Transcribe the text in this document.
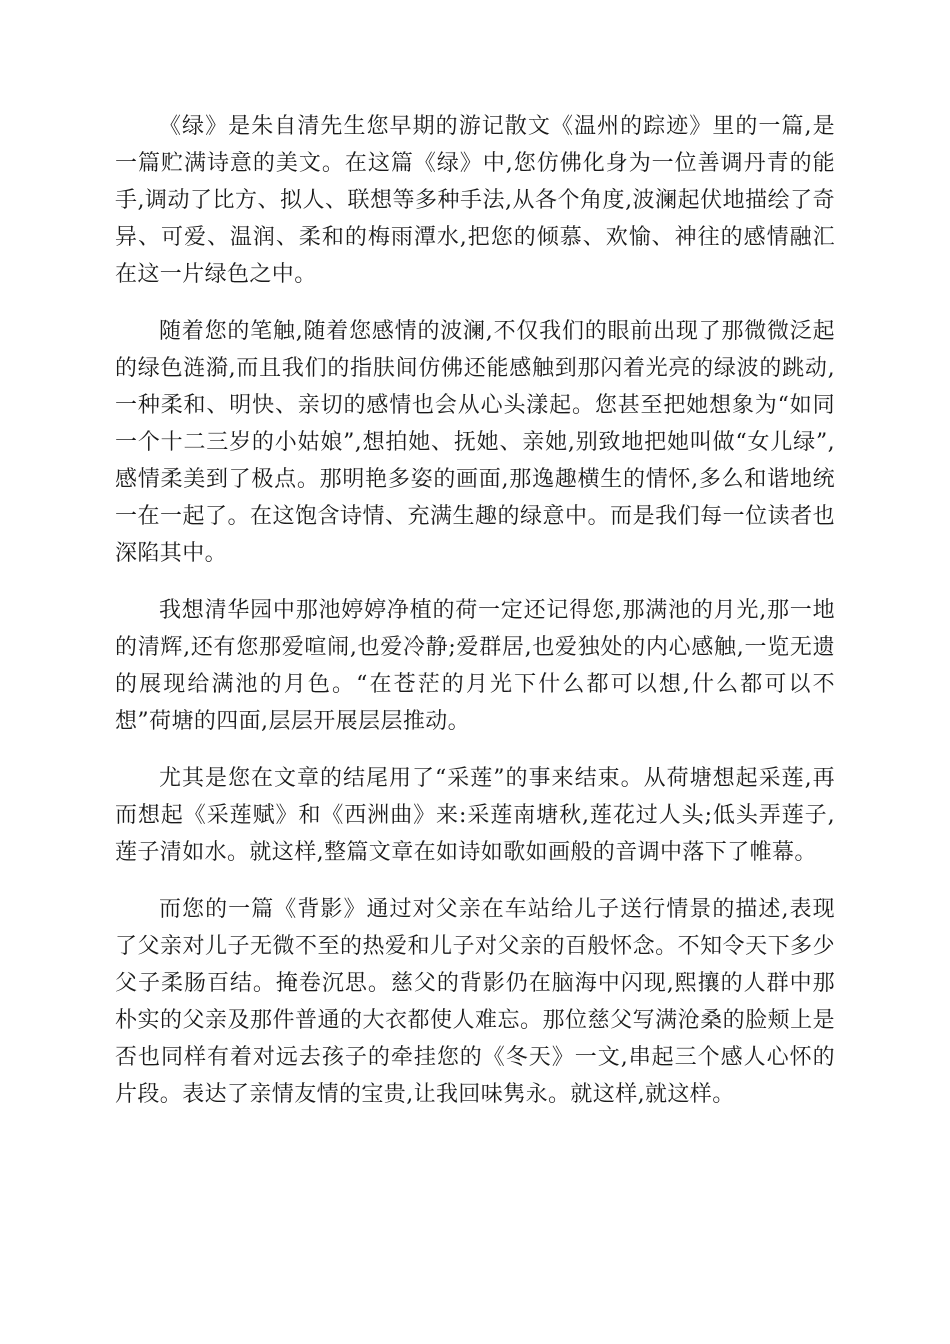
《绿》是朱自清先生您早期的游记散文《温州的踪迹》里的一篇,是一篇贮满诗意的美文。在这篇《绿》中,您仿佛化身为一位善调丹青的能手,调动了比方、拟人、联想等多种手法,从各个角度,波澜起伏地描绘了奇异、可爱、温润、柔和的梅雨潭水,把您的倾慕、欢愉、神往的感情融汇在这一片绿色之中。

随着您的笔触,随着您感情的波澜,不仅我们的眼前出现了那微微泛起的绿色涟漪,而且我们的指肤间仿佛还能感触到那闪着光亮的绿波的跳动,一种柔和、明快、亲切的感情也会从心头漾起。您甚至把她想象为“如同一个十二三岁的小姑娘”,想拍她、抚她、亲她,别致地把她叫做“女儿绿”,感情柔美到了极点。那明艳多姿的画面,那逸趣横生的情怀,多么和谐地统一在一起了。在这饱含诗情、充满生趣的绿意中。而是我们每一位读者也深陷其中。

我想清华园中那池婷婷净植的荷一定还记得您,那满池的月光,那一地的清辉,还有您那爱喧闹,也爱冷静;爱群居,也爱独处的内心感触,一览无遗的展现给满池的月色。“在苍茫的月光下什么都可以想,什么都可以不想”荷塘的四面,层层开展层层推动。

尤其是您在文章的结尾用了“采莲”的事来结束。从荷塘想起采莲,再而想起《采莲赋》和《西洲曲》来:采莲南塘秋,莲花过人头;低头弄莲子,莲子清如水。就这样,整篇文章在如诗如歌如画般的音调中落下了帷幕。

而您的一篇《背影》通过对父亲在车站给儿子送行情景的描述,表现了父亲对儿子无微不至的热爱和儿子对父亲的百般怀念。不知令天下多少父子柔肠百结。掩卷沉思。慈父的背影仍在脑海中闪现,熙攘的人群中那朴实的父亲及那件普通的大衣都使人难忘。那位慈父写满沧桑的脸颊上是否也同样有着对远去孩子的牵挂您的《冬天》一文,串起三个感人心怀的片段。表达了亲情友情的宝贵,让我回味隽永。就这样,就这样。
